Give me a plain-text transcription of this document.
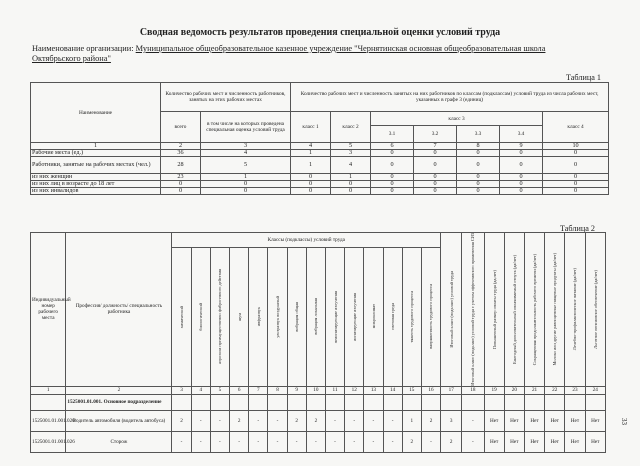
Сводная ведомость результатов проведения специальной оценки условий труда
Наименование организации: Муниципальное общеобразовательное казенное учреждение "Чернятинская основная общеобразовательная школа
Октябрьского района"
Таблица 1
Наименование	Количество рабочих мест и численность работников, занятых на этих рабочих местах		Количество рабочих мест и численность занятых на них работников по классам (подклассам) условий труда из числа рабочих мест, указанных в графе 3 (единиц)						
	всего	в том числе на которых проведена специальная оценка условий труда	класс 1	класс 2	класс 3				класс 4
					3.1	3.2	3.3	3.4	
1	2	3	4	5	6	7	8	9	10
Рабочие места (ед.)	36	4	1	3	0	0	0	0	0
Работники, занятые на рабочих местах (чел.)	28	5	1	4	0	0	0	0	0
из них женщин	23	1	0	1	0	0	0	0	0
из них лиц в возрасте до 18 лет	0	0	0	0	0	0	0	0	0
из них инвалидов	0	0	0	0	0	0	0	0	0
Таблица 2
Индивидуальный номер рабочего места	Профессия/ должность/ специальность работника	Классы (подклассы) условий труда														Итоговый класс (подкласс) условий труда	Итоговый класс (подкласс) условий труда с учетом эффективного применения СИЗ	Повышенный размер оплаты труда (да,нет)	Ежегодный дополнительный оплачиваемый отпуск (да/нет)	Сокращенная продолжительность рабочего времени (да/нет)	Молоко или другие равноценные пищевые продукты (да/нет)	Лечебно-профилактическое питание (да/нет)	Льготное пенсионное обеспечение (да/нет)

		химический	биологический	аэрозоли преимущественно фиброгенного действия	шум	инфразвук	ультразвук воздушный	вибрация общая	вибрация локальная	неионизирующие излучения	ионизирующие излучения	микроклимат	световая среда	тяжесть трудового процесса	напряженность трудового процесса								

1	2	3	4	5	6	7	8	9	10	11	12	13	14	15	16	17	18	19	20	21	22	23	24
	1525001.01.001. Основное подразделение																						
1525001.01.001.020	Водитель автомобиля (водитель автобуса)	2	-	-	2	-	-	2	2	-	-	-	-	1	2	3	-	Нет	Нет	Нет	Нет	Нет	Нет
1525001.01.001.026	Сторож	-	-	-	-	-	-	-	-	-	-	-	-	2	-	2	-	Нет	Нет	Нет	Нет	Нет	Нет
33
